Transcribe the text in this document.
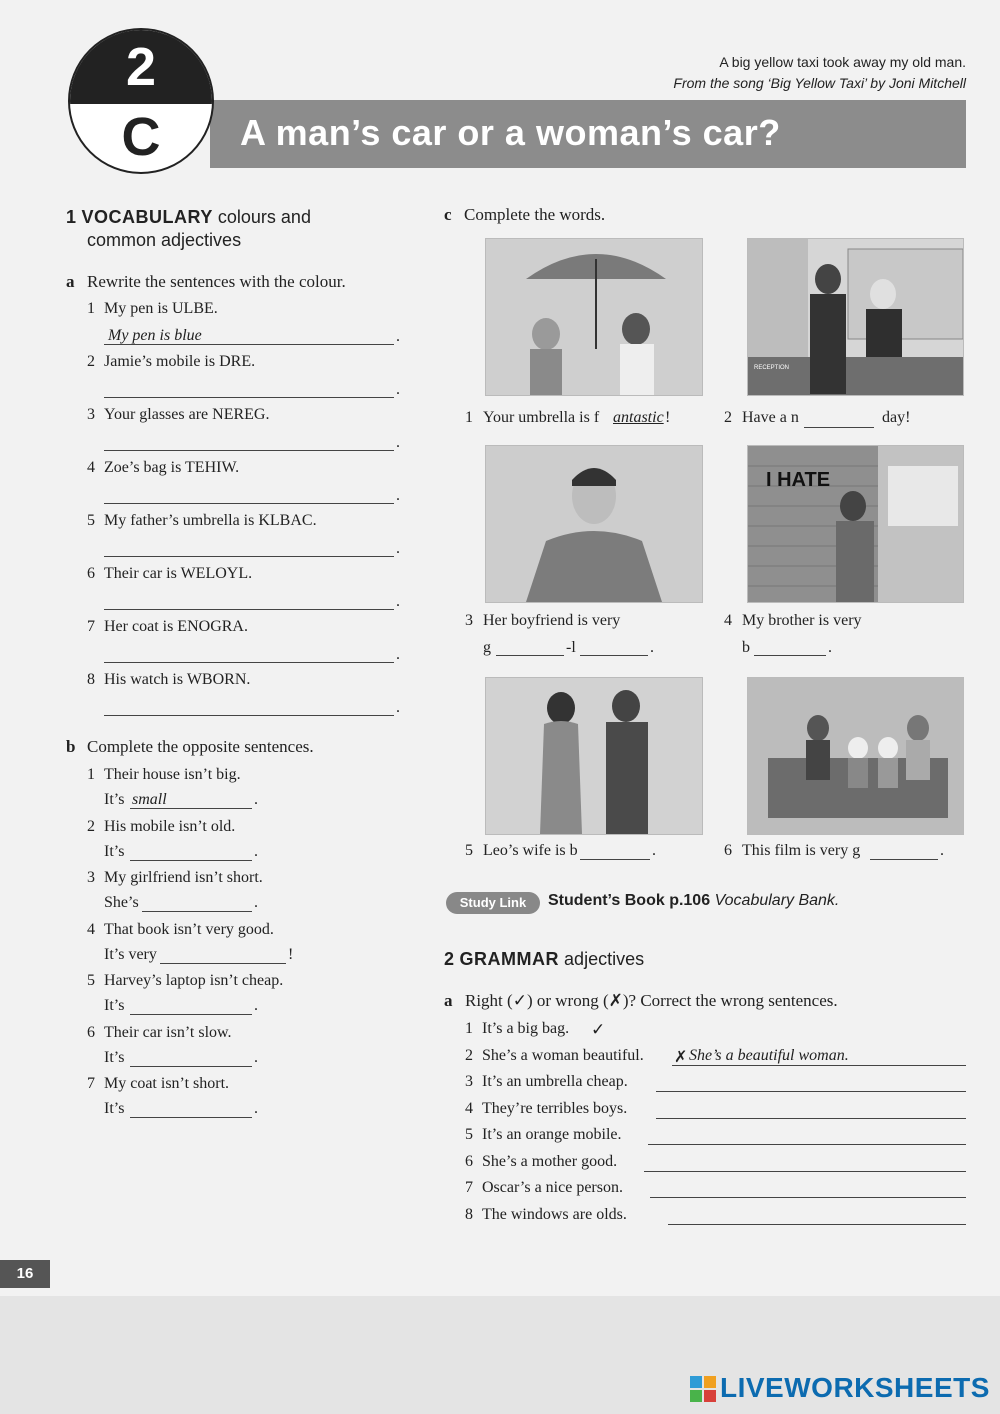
A man’s car or a woman’s car?
2
C
A big yellow taxi took away my old man.
From the song ‘Big Yellow Taxi’ by Joni Mitchell
1 VOCABULARY colours and
common adjectives
a Rewrite the sentences with the colour.
1 My pen is ULBE.
My pen is blue	.
2 Jamie’s mobile is DRE.
.
3 Your glasses are NEREG.
.
4 Zoe’s bag is TEHIW.
.
5 My father’s umbrella is KLBAC.
.
6 Their car is WELOYL.
.
7 Her coat is ENOGRA.
.
8 His watch is WBORN.
.
b Complete the opposite sentences.
1 Their house isn’t big.
It’s small	.
2 His mobile isn’t old.
It’s	.
3 My girlfriend isn’t short.
She’s	.
4 That book isn’t very good.
It’s very	!
5 Harvey’s laptop isn’t cheap.
It’s	.
6 Their car isn’t slow.
It’s	.
7 My coat isn’t short.
It’s	.
c Complete the words.
RECEPTION
I HATE
1 Your umbrella is f antastic !	2 Have a n	day!
3 Her boyfriend is very
g	-l	.
4 My brother is very
b	.
5 Leo’s wife is b	.	6 This film is very g	.
Study Link	Student’s Book p.106 Vocabulary Bank.
2 GRAMMAR adjectives
a Right (✓) or wrong (✗)? Correct the wrong sentences.
1 It’s a big bag. ✓
2 She’s a woman beautiful. ✗ She’s a beautiful woman.
3 It’s an umbrella cheap.
4 They’re terribles boys.
5 It’s an orange mobile.
6 She’s a mother good.
7 Oscar’s a nice person.
8 The windows are olds.
16
LIVEWORKSHEETS
